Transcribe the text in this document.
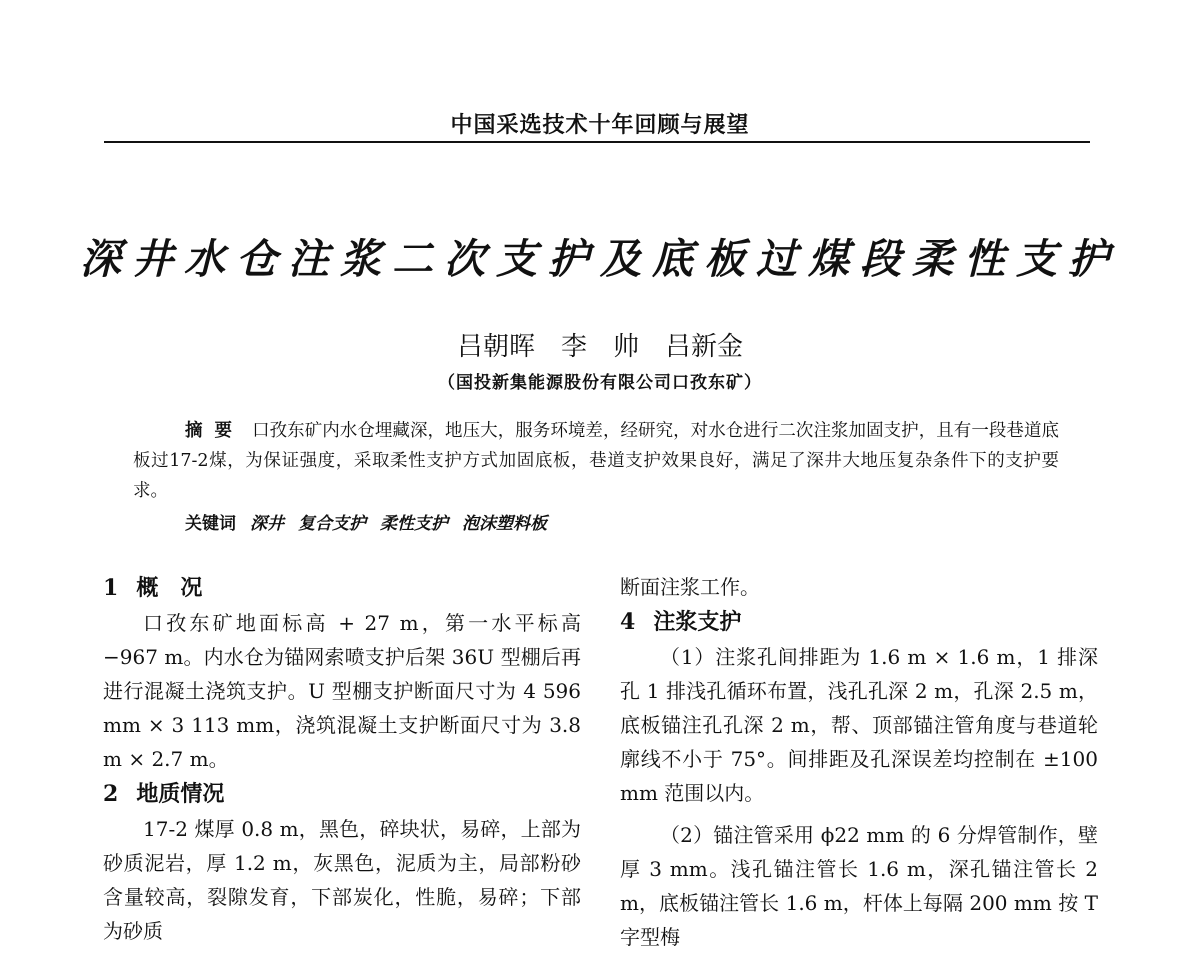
中国采选技术十年回顾与展望
深井水仓注浆二次支护及底板过煤段柔性支护
吕朝晖　李　帅　吕新金
（国投新集能源股份有限公司口孜东矿）

摘要 口孜东矿内水仓埋藏深，地压大，服务环境差，经研究，对水仓进行二次注浆加固支护，且有一段巷道底板过17-2煤，为保证强度，采取柔性支护方式加固底板，巷道支护效果良好，满足了深井大地压复杂条件下的支护要求。

关键词 深井 复合支护 柔性支护 泡沫塑料板

1 概　况

口孜东矿地面标高 + 27 m，第一水平标高 −967 m。内水仓为锚网索喷支护后架 36U 型棚后再进行混凝土浇筑支护。U 型棚支护断面尺寸为 4 596 mm × 3 113 mm，浇筑混凝土支护断面尺寸为 3.8 m × 2.7 m。

2 地质情况

17-2 煤厚 0.8 m，黑色，碎块状，易碎，上部为砂质泥岩，厚 1.2 m，灰黑色，泥质为主，局部粉砂含量较高，裂隙发育，下部炭化，性脆，易碎；下部为砂质

断面注浆工作。

4 注浆支护

（1）注浆孔间排距为 1.6 m × 1.6 m，1 排深孔 1 排浅孔循环布置，浅孔孔深 2 m，孔深 2.5 m，底板锚注孔孔深 2 m，帮、顶部锚注管角度与巷道轮廓线不小于 75°。间排距及孔深误差均控制在 ±100 mm 范围以内。

（2）锚注管采用 ϕ22 mm 的 6 分焊管制作，壁厚 3 mm。浅孔锚注管长 1.6 m，深孔锚注管长 2 m，底板锚注管长 1.6 m，杆体上每隔 200 mm 按 T 字型梅
